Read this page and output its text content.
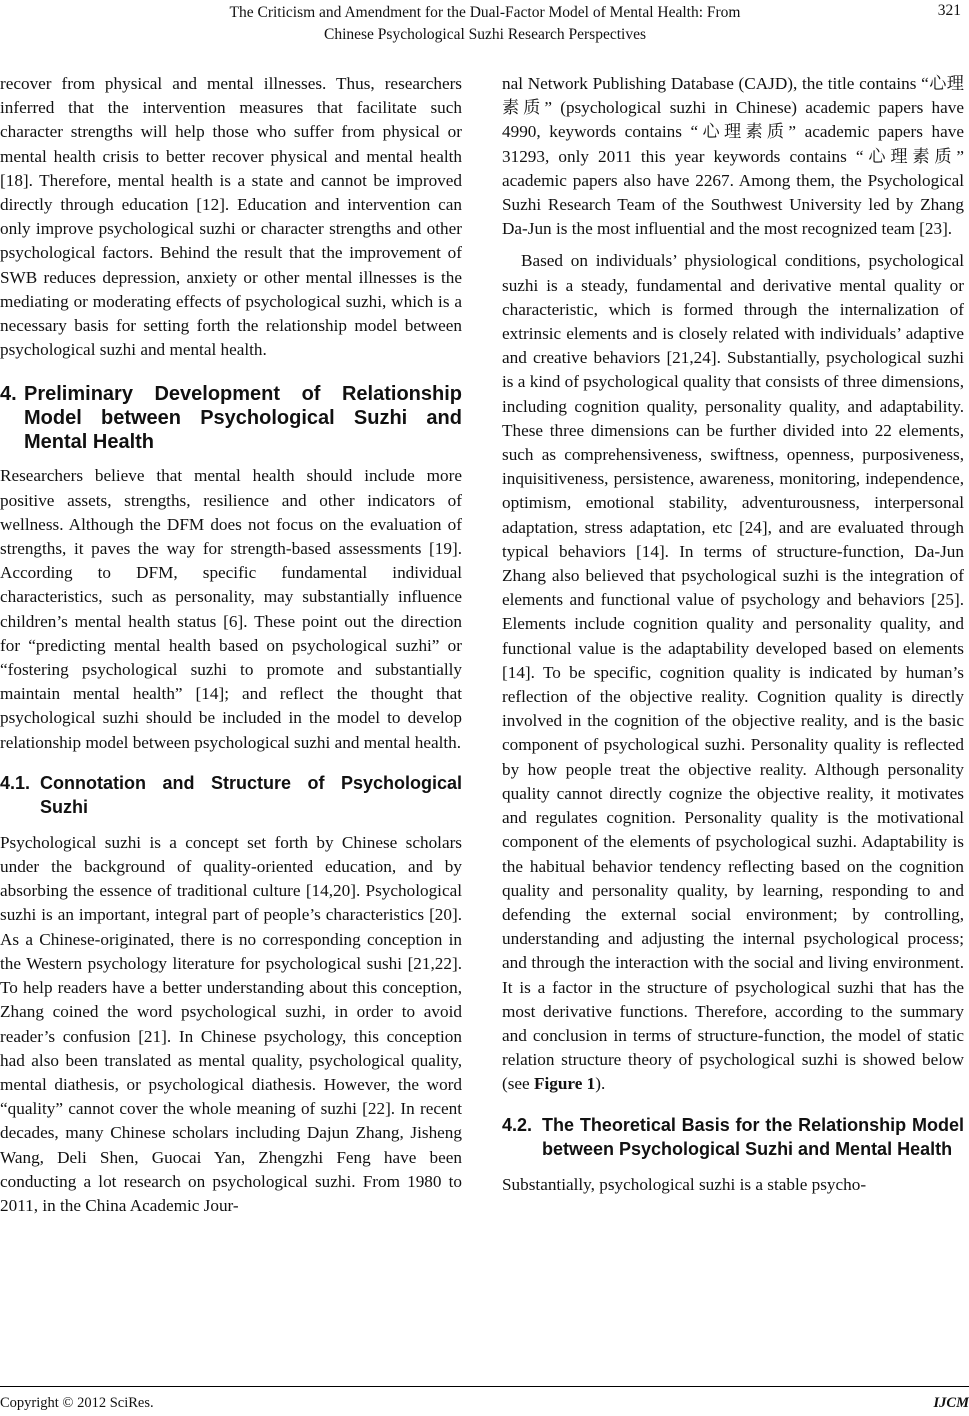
The Criticism and Amendment for the Dual-Factor Model of Mental Health: From
Chinese Psychological Suzhi Research Perspectives
321

recover from physical and mental illnesses. Thus, researchers inferred that the intervention measures that facilitate such character strengths will help those who suffer from physical or mental health crisis to better recover physical and mental health [18]. Therefore, mental health is a state and cannot be improved directly through education [12]. Education and intervention can only improve psychological suzhi or character strengths and other psychological factors. Behind the result that the improvement of SWB reduces depression, anxiety or other mental illnesses is the mediating or moderating effects of psychological suzhi, which is a necessary basis for setting forth the relationship model between psychological suzhi and mental health.

4. Preliminary Development of Relationship Model between Psychological Suzhi and Mental Health

Researchers believe that mental health should include more positive assets, strengths, resilience and other indicators of wellness. Although the DFM does not focus on the evaluation of strengths, it paves the way for strength-based assessments [19]. According to DFM, specific fundamental individual characteristics, such as personality, may substantially influence children’s mental health status [6]. These point out the direction for “predicting mental health based on psychological suzhi” or “fostering psychological suzhi to promote and substantially maintain mental health” [14]; and reflect the thought that psychological suzhi should be included in the model to develop relationship model between psychological suzhi and mental health.

4.1. Connotation and Structure of Psychological Suzhi

Psychological suzhi is a concept set forth by Chinese scholars under the background of quality-oriented education, and by absorbing the essence of traditional culture [14,20]. Psychological suzhi is an important, integral part of people’s characteristics [20]. As a Chinese-originated, there is no corresponding conception in the Western psychology literature for psychological sushi [21,22]. To help readers have a better understanding about this conception, Zhang coined the word psychological suzhi, in order to avoid reader’s confusion [21]. In Chinese psychology, this conception had also been translated as mental quality, psychological quality, mental diathesis, or psychological diathesis. However, the word “quality” cannot cover the whole meaning of suzhi [22]. In recent decades, many Chinese scholars including Dajun Zhang, Jisheng Wang, Deli Shen, Guocai Yan, Zhengzhi Feng have been conducting a lot research on psychological suzhi. From 1980 to 2011, in the China Academic Jour-

nal Network Publishing Database (CAJD), the title contains “心理素质” (psychological suzhi in Chinese) academic papers have 4990, keywords contains “心理素质” academic papers have 31293, only 2011 this year keywords contains “心理素质” academic papers also have 2267. Among them, the Psychological Suzhi Research Team of the Southwest University led by Zhang Da-Jun is the most influential and the most recognized team [23].

Based on individuals’ physiological conditions, psychological suzhi is a steady, fundamental and derivative mental quality or characteristic, which is formed through the internalization of extrinsic elements and is closely related with individuals’ adaptive and creative behaviors [21,24]. Substantially, psychological suzhi is a kind of psychological quality that consists of three dimensions, including cognition quality, personality quality, and adaptability. These three dimensions can be further divided into 22 elements, such as comprehensiveness, swiftness, openness, purposiveness, inquisitiveness, persistence, awareness, monitoring, independence, optimism, emotional stability, adventurousness, interpersonal adaptation, stress adaptation, etc [24], and are evaluated through typical behaviors [14]. In terms of structure-function, Da-Jun Zhang also believed that psychological suzhi is the integration of elements and functional value of psychology and behaviors [25]. Elements include cognition quality and personality quality, and functional value is the adaptability developed based on elements [14]. To be specific, cognition quality is indicated by human’s reflection of the objective reality. Cognition quality is directly involved in the cognition of the objective reality, and is the basic component of psychological suzhi. Personality quality is reflected by how people treat the objective reality. Although personality quality cannot directly cognize the objective reality, it motivates and regulates cognition. Personality quality is the motivational component of the elements of psychological suzhi. Adaptability is the habitual behavior tendency reflecting based on the cognition quality and personality quality, by learning, responding to and defending the external social environment; by controlling, understanding and adjusting the internal psychological process; and through the interaction with the social and living environment. It is a factor in the structure of psychological suzhi that has the most derivative functions. Therefore, according to the summary and conclusion in terms of structure-function, the model of static relation structure theory of psychological suzhi is showed below (see Figure 1).

4.2. The Theoretical Basis for the Relationship Model between Psychological Suzhi and Mental Health

Substantially, psychological suzhi is a stable psycho-

Copyright © 2012 SciRes.	IJCM
